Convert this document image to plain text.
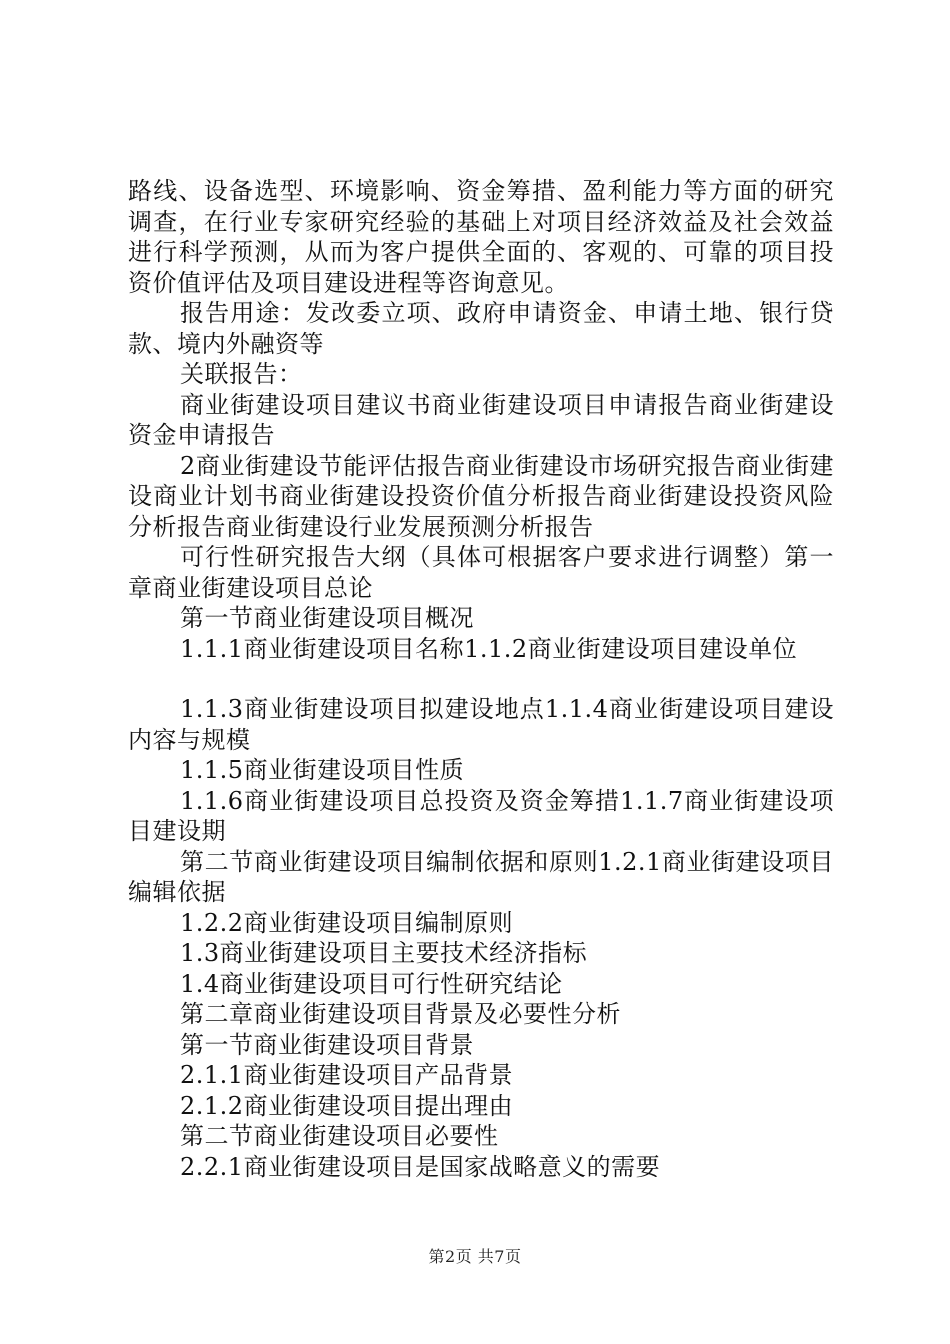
路线、设备选型、环境影响、资金筹措、盈利能力等方面的研究调查，在行业专家研究经验的基础上对项目经济效益及社会效益进行科学预测，从而为客户提供全面的、客观的、可靠的项目投资价值评估及项目建设进程等咨询意见。

报告用途：发改委立项、政府申请资金、申请土地、银行贷款、境内外融资等

关联报告：

商业街建设项目建议书商业街建设项目申请报告商业街建设资金申请报告

2商业街建设节能评估报告商业街建设市场研究报告商业街建设商业计划书商业街建设投资价值分析报告商业街建设投资风险分析报告商业街建设行业发展预测分析报告

可行性研究报告大纲（具体可根据客户要求进行调整）第一章商业街建设项目总论

第一节商业街建设项目概况

1.1.1商业街建设项目名称1.1.2商业街建设项目建设单位

1.1.3商业街建设项目拟建设地点1.1.4商业街建设项目建设内容与规模

1.1.5商业街建设项目性质

1.1.6商业街建设项目总投资及资金筹措1.1.7商业街建设项目建设期

第二节商业街建设项目编制依据和原则1.2.1商业街建设项目编辑依据

1.2.2商业街建设项目编制原则

1.3商业街建设项目主要技术经济指标

1.4商业街建设项目可行性研究结论

第二章商业街建设项目背景及必要性分析

第一节商业街建设项目背景

2.1.1商业街建设项目产品背景

2.1.2商业街建设项目提出理由

第二节商业街建设项目必要性

2.2.1商业街建设项目是国家战略意义的需要

第2页 共7页
